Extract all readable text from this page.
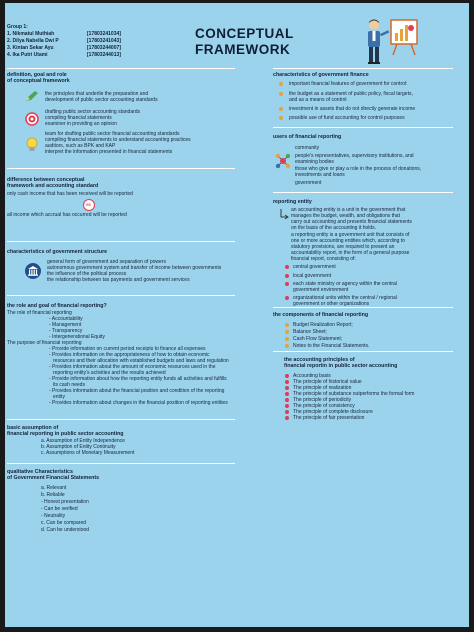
Group 1:
1. Nikmatul Muthiah	[17803241034]
2. Dilya Nabella Dwi P	[17803241043]
3. Kintan Sekar Ayu	[17803244007]
4. Ika Putri Utami	[17803244013]
CONCEPTUAL
FRAMEWORK
definition, goal and role
of conceptual framework
the principles that underlie the preparation and
development of public sector accounting standards
drafting public sector accounting standards
compiling financial statements
examiner in providing an opinion
team for drafting public sector financial accounting standards
compiling financial statements to understand accounting practices
auditors, such as BPK and KAP
interpret the information presented in financial statements
difference between conceptual
framework and accounting standard
only cash income that has been received will be reported
VS
all income which accrual has occurred will be reported
characteristics of government structure
general form of government and separation of powers
autonomous government system and transfer of income between governments
the influence of the political process
the relationship between tax payments and government services
the role and goal of financial reporting?
The role of financial reporting
- Accountability
- Management
- Transparency
- Intergenerational Equity
The purpose of financial reporting
- Provide information on current period receipts to finance all expenses
- Provides information on the appropriateness of how to obtain economic
resources and their allocation with established budgets and laws and regulation
- Provides information about the amount of economic resources used in the
reporting entity's activities and the results achieved
- Provide information about how the reporting entity funds all activities and fulfills
its cash needs
- Provides information about the financial position and condition of the reporting
entity
- Provides information about changes in the financial position of reporting entities
basic assumption of
financial reporting in public sector accounting
a. Assumption of Entity Independence
b. Assumption of Entity Continuity
c. Assumptions of Monetary Measurement
qualitative Characteristics
of Government Financial Statements
a. Relevant
b. Reliable
- Honest presentation
- Can be verified
- Neutrality
c. Can be compared
d. Can be understood
characteristics of government finance
important financial features of government for control:
the budget as a statement of public policy, fiscal targets,
and as a means of control
investment in assets that do not directly generate income
possible use of fund accounting for control purposes
users of financial reporting
community
people's representatives, supervisory institutions, and
examining bodies
those who give or play a role in the process of donations,
investments and loans
government
reporting entity
an accounting entity is a unit in the government that
manages the budget, wealth, and obligations that
carry out accounting and presents financial statements
on the basis of the accounting it holds.
a reporting entity is a government unit that consists of
one or more accounting entities which, according to
statutory provisions, are required to present an
accountability report, in the form of a general purpose
financial report, consisting of:
central government
local government
each state ministry or agency within the central
government environment
organizational units within the central / regional
government or other organizations
the components of financial reporting
Budget Realization Report;
Balance Sheet;
Cash Flow Statement;
Notes to the Financial Statements.
the accounting principles of
financial reportin in public sector accounting
Accounting basis
The principle of historical value
The principle of realization
The principle of substance outperforms the formal form
The principle of periodicity
The principle of consistency
The principle of complete disclosure
The principle of fair presentation
